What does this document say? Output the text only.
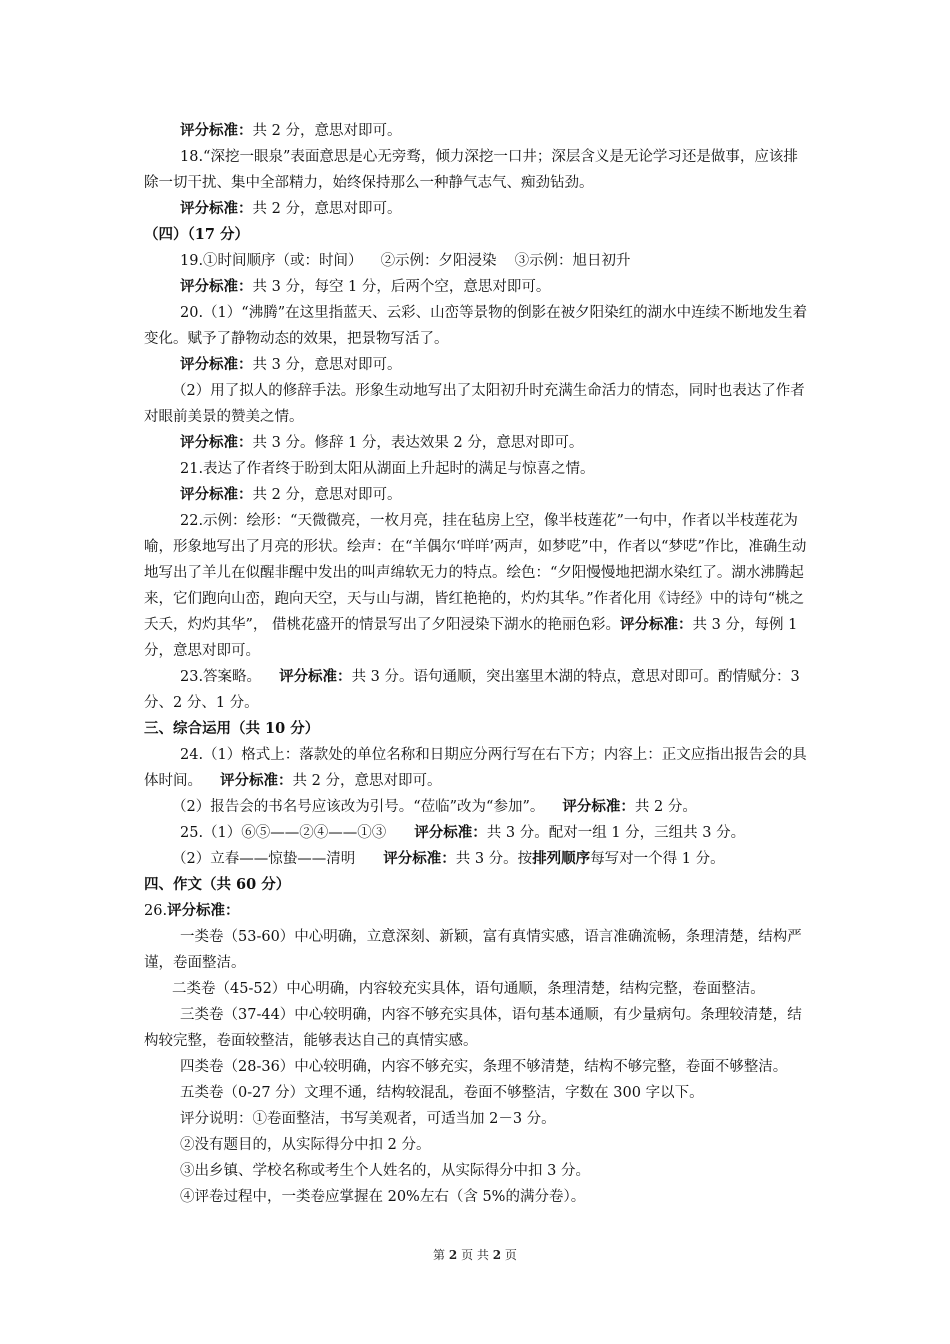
评分标准：共 2 分，意思对即可。

18.“深挖一眼泉”表面意思是心无旁骛，倾力深挖一口井；深层含义是无论学习还是做事，应该排除一切干扰、集中全部精力，始终保持那么一种静气志气、痴劲钻劲。

评分标准：共 2 分，意思对即可。

（四）（17 分）

19.①时间顺序（或：时间） ②示例：夕阳浸染 ③示例：旭日初升

评分标准：共 3 分，每空 1 分，后两个空，意思对即可。

20.（1）“沸腾”在这里指蓝天、云彩、山峦等景物的倒影在被夕阳染红的湖水中连续不断地发生着变化。赋予了静物动态的效果，把景物写活了。

评分标准：共 3 分，意思对即可。

（2）用了拟人的修辞手法。形象生动地写出了太阳初升时充满生命活力的情态，同时也表达了作者对眼前美景的赞美之情。

评分标准：共 3 分。修辞 1 分，表达效果 2 分，意思对即可。

21.表达了作者终于盼到太阳从湖面上升起时的满足与惊喜之情。

评分标准：共 2 分，意思对即可。

22.示例：绘形：“天微微亮，一枚月亮，挂在毡房上空，像半枝莲花”一句中，作者以半枝莲花为喻，形象地写出了月亮的形状。绘声：在“羊偶尔‘咩咩’两声，如梦呓”中，作者以“梦呓”作比，准确生动地写出了羊儿在似醒非醒中发出的叫声绵软无力的特点。绘色：“夕阳慢慢地把湖水染红了。湖水沸腾起来，它们跑向山峦，跑向天空，天与山与湖，皆红艳艳的，灼灼其华。”作者化用《诗经》中的诗句“桃之夭夭，灼灼其华”， 借桃花盛开的情景写出了夕阳浸染下湖水的艳丽色彩。评分标准：共 3 分，每例 1 分，意思对即可。

23.答案略。 评分标准：共 3 分。语句通顺，突出塞里木湖的特点，意思对即可。酌情赋分：3 分、2 分、1 分。

三、综合运用（共 10 分）

24.（1）格式上：落款处的单位名称和日期应分两行写在右下方；内容上：正文应指出报告会的具体时间。 评分标准：共 2 分，意思对即可。

（2）报告会的书名号应该改为引号。“莅临”改为“参加”。 评分标准：共 2 分。

25.（1）⑥⑤——②④——①③ 评分标准：共 3 分。配对一组 1 分，三组共 3 分。

（2）立春——惊蛰——清明 评分标准：共 3 分。按排列顺序每写对一个得 1 分。

四、作文（共 60 分）

26.评分标准：

一类卷（53-60）中心明确，立意深刻、新颖，富有真情实感，语言准确流畅，条理清楚，结构严谨，卷面整洁。

二类卷（45-52）中心明确，内容较充实具体，语句通顺，条理清楚，结构完整，卷面整洁。

三类卷（37-44）中心较明确，内容不够充实具体，语句基本通顺，有少量病句。条理较清楚，结构较完整，卷面较整洁，能够表达自己的真情实感。

四类卷（28-36）中心较明确，内容不够充实，条理不够清楚，结构不够完整，卷面不够整洁。

五类卷（0-27 分）文理不通，结构较混乱，卷面不够整洁，字数在 300 字以下。

评分说明：①卷面整洁，书写美观者，可适当加 2－3 分。

②没有题目的，从实际得分中扣 2 分。

③出乡镇、学校名称或考生个人姓名的，从实际得分中扣 3 分。

④评卷过程中，一类卷应掌握在 20%左右（含 5%的满分卷）。

第 2 页 共 2 页
